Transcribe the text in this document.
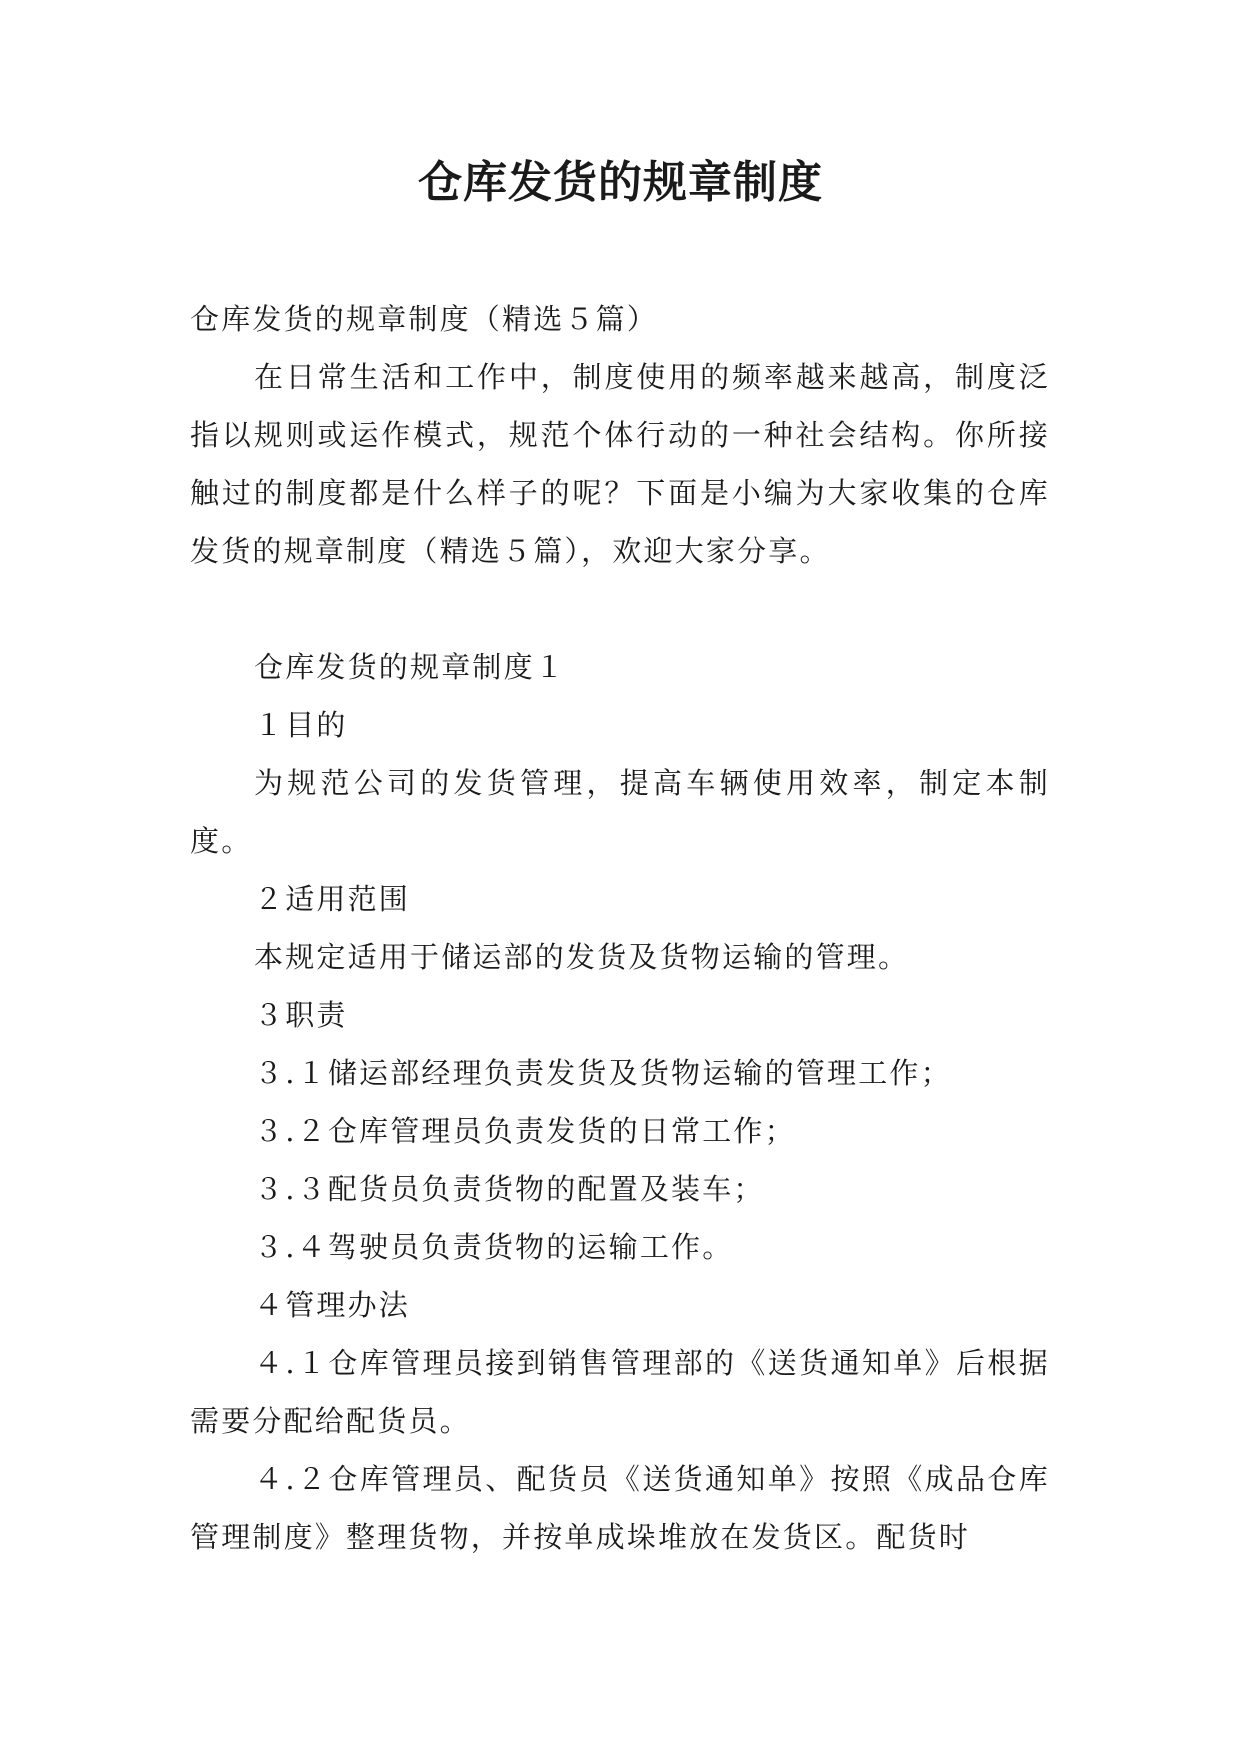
仓库发货的规章制度

仓库发货的规章制度（精选５篇）

在日常生活和工作中，制度使用的频率越来越高，制度泛指以规则或运作模式，规范个体行动的一种社会结构。你所接触过的制度都是什么样子的呢？下面是小编为大家收集的仓库发货的规章制度（精选５篇），欢迎大家分享。

仓库发货的规章制度１

１目的

为规范公司的发货管理，提高车辆使用效率，制定本制度。

２适用范围

本规定适用于储运部的发货及货物运输的管理。

３职责

３.１储运部经理负责发货及货物运输的管理工作；

３.２仓库管理员负责发货的日常工作；

３.３配货员负责货物的配置及装车；

３.４驾驶员负责货物的运输工作。

４管理办法

４.１仓库管理员接到销售管理部的《送货通知单》后根据需要分配给配货员。

４.２仓库管理员、配货员《送货通知单》按照《成品仓库管理制度》整理货物，并按单成垛堆放在发货区。配货时
